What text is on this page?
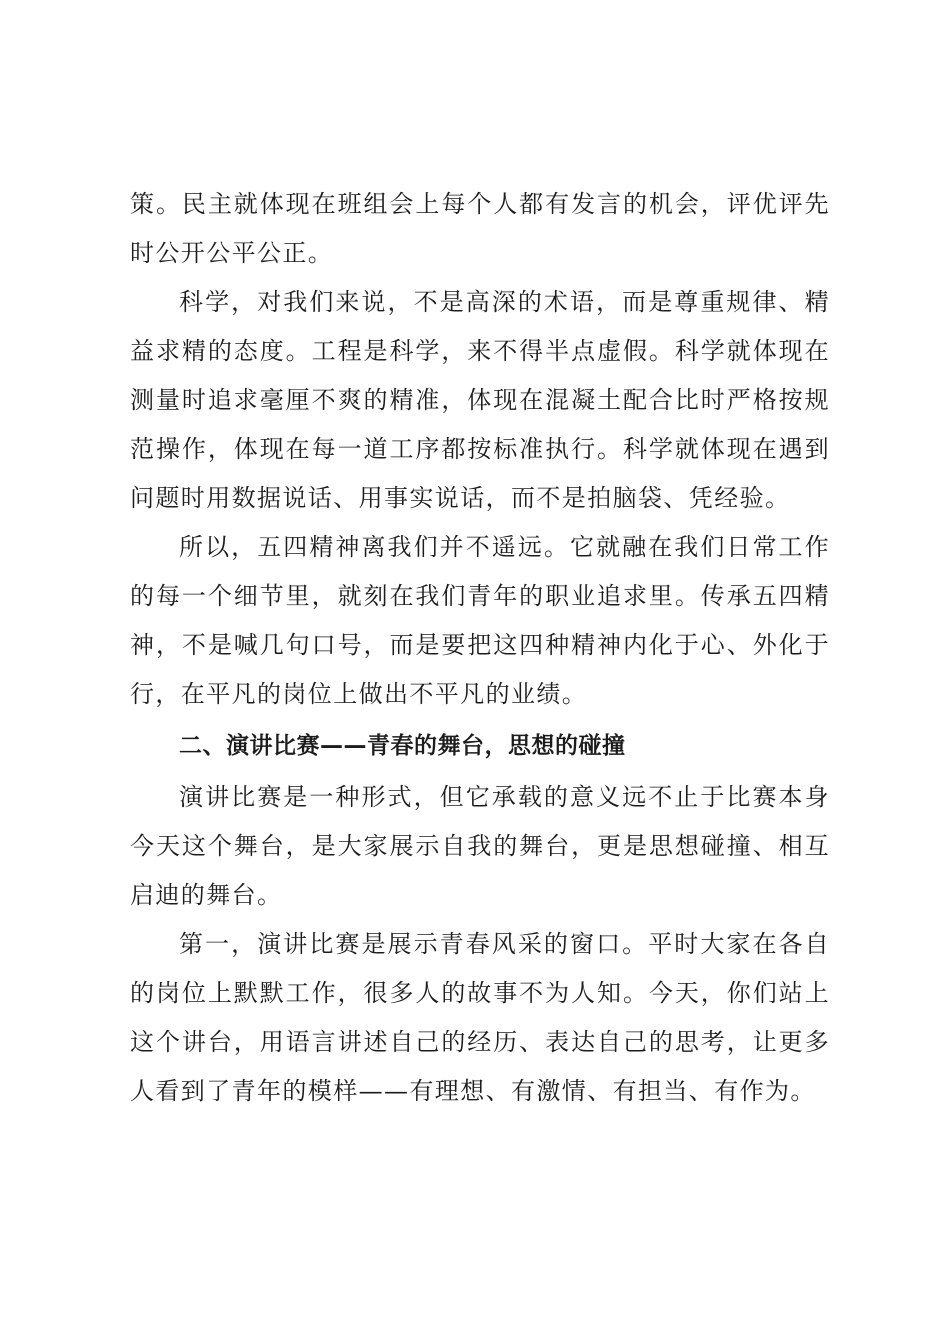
策。民主就体现在班组会上每个人都有发言的机会，评优评先时公开公平公正。

科学，对我们来说，不是高深的术语，而是尊重规律、精益求精的态度。工程是科学，来不得半点虚假。科学就体现在测量时追求毫厘不爽的精准，体现在混凝土配合比时严格按规范操作，体现在每一道工序都按标准执行。科学就体现在遇到问题时用数据说话、用事实说话，而不是拍脑袋、凭经验。

所以，五四精神离我们并不遥远。它就融在我们日常工作的每一个细节里，就刻在我们青年的职业追求里。传承五四精神，不是喊几句口号，而是要把这四种精神内化于心、外化于行，在平凡的岗位上做出不平凡的业绩。

二、演讲比赛——青春的舞台，思想的碰撞

演讲比赛是一种形式，但它承载的意义远不止于比赛本身今天这个舞台，是大家展示自我的舞台，更是思想碰撞、相互启迪的舞台。

第一，演讲比赛是展示青春风采的窗口。平时大家在各自的岗位上默默工作，很多人的故事不为人知。今天，你们站上这个讲台，用语言讲述自己的经历、表达自己的思考，让更多人看到了青年的模样——有理想、有激情、有担当、有作为。
